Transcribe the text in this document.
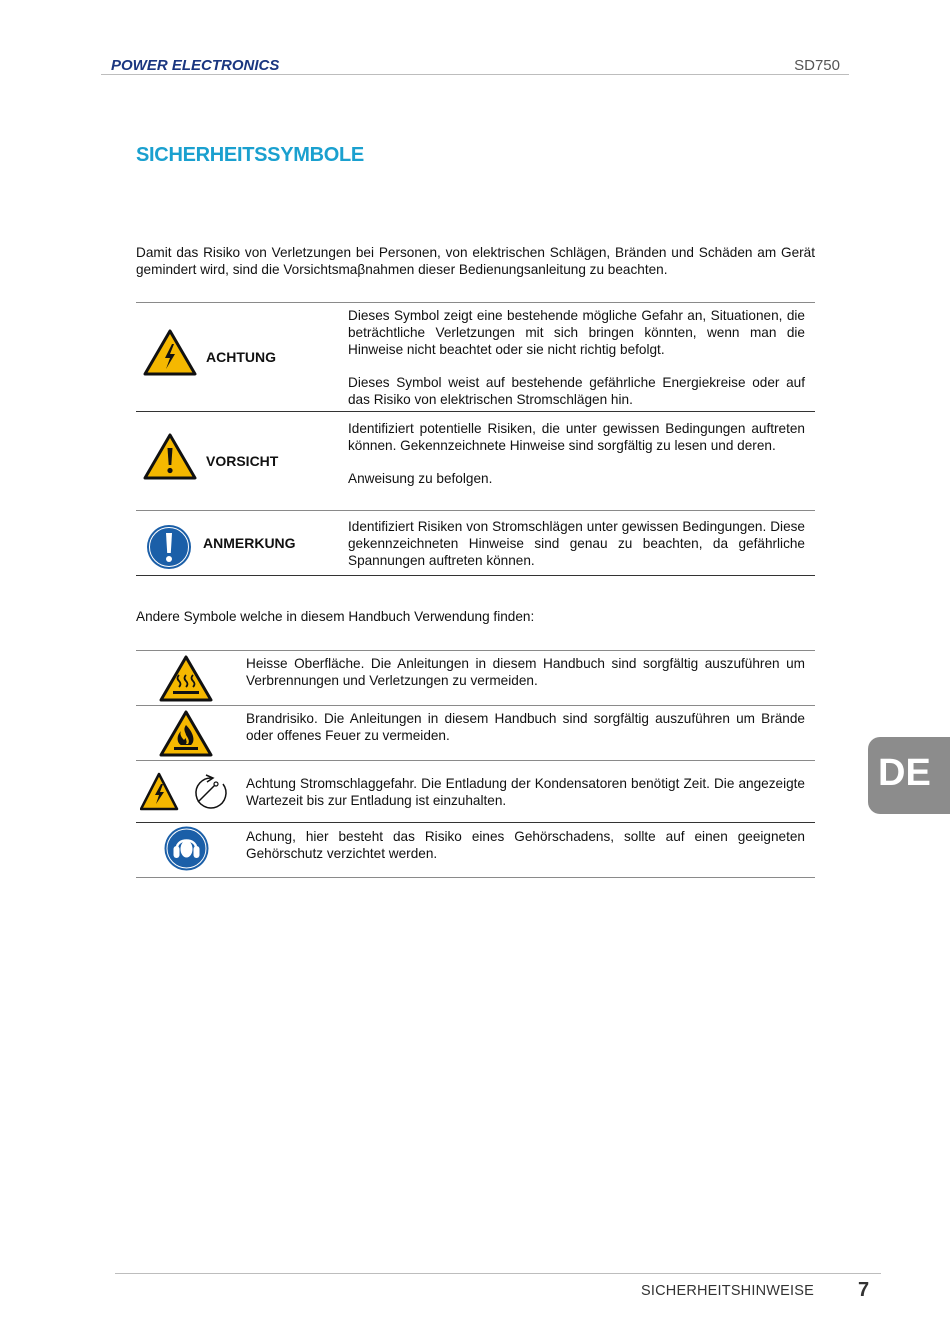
POWER ELECTRONICS	SD750
SICHERHEITSSYMBOLE

Damit das Risiko von Verletzungen bei Personen, von elektrischen Schlägen, Bränden und Schäden am Gerät gemindert wird, sind die Vorsichtsmaβnahmen dieser Bedienungsanleitung zu beachten.

ACHTUNG

Dieses Symbol zeigt eine bestehende mögliche Gefahr an, Situationen, die beträchtliche Verletzungen mit sich bringen könnten, wenn man die Hinweise nicht beachtet oder sie nicht richtig befolgt.

Dieses Symbol weist auf bestehende gefährliche Energiekreise oder auf das Risiko von elektrischen Stromschlägen hin.

VORSICHT

Identifiziert potentielle Risiken, die unter gewissen Bedingungen auftreten können. Gekennzeichnete Hinweise sind sorgfältig zu lesen und deren.

Anweisung zu befolgen.

ANMERKUNG

Identifiziert Risiken von Stromschlägen unter gewissen Bedingungen. Diese gekennzeichneten Hinweise sind genau zu beachten, da gefährliche Spannungen auftreten können.

Andere Symbole welche in diesem Handbuch Verwendung finden:

Heisse Oberfläche. Die Anleitungen in diesem Handbuch sind sorgfältig auszuführen um Verbrennungen und Verletzungen zu vermeiden.

Brandrisiko. Die Anleitungen in diesem Handbuch sind sorgfältig auszuführen um Brände oder offenes Feuer zu vermeiden.

Achtung Stromschlaggefahr. Die Entladung der Kondensatoren benötigt Zeit. Die angezeigte Wartezeit bis zur Entladung ist einzuhalten.

Achung, hier besteht das Risiko eines Gehörschadens, sollte auf einen geeigneten Gehörschutz verzichtet werden.

DE
SICHERHEITSHINWEISE 7
